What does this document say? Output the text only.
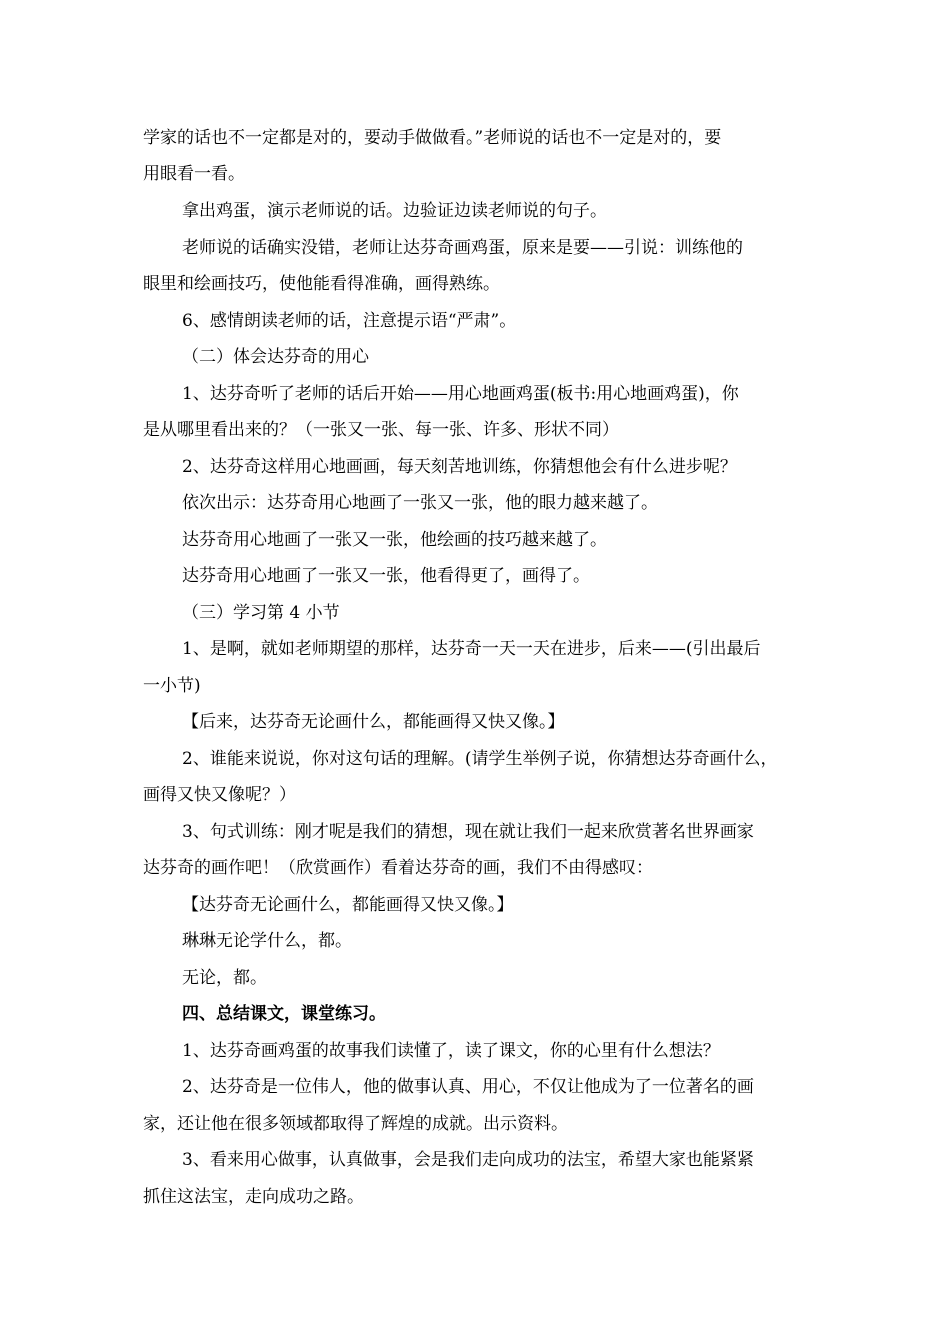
学家的话也不一定都是对的，要动手做做看。”老师说的话也不一定是对的，要
用眼看一看。
拿出鸡蛋，演示老师说的话。边验证边读老师说的句子。
老师说的话确实没错，老师让达芬奇画鸡蛋，原来是要——引说：训练他的
眼里和绘画技巧，使他能看得准确，画得熟练。
6、感情朗读老师的话，注意提示语“严肃”。
（二）体会达芬奇的用心
1、达芬奇听了老师的话后开始——用心地画鸡蛋(板书:用心地画鸡蛋)，你
是从哪里看出来的？（一张又一张、每一张、许多、形状不同）
2、达芬奇这样用心地画画，每天刻苦地训练，你猜想他会有什么进步呢？
依次出示：达芬奇用心地画了一张又一张，他的眼力越来越了。
达芬奇用心地画了一张又一张，他绘画的技巧越来越了。
达芬奇用心地画了一张又一张，他看得更了，画得了。
（三）学习第 4 小节
1、是啊，就如老师期望的那样，达芬奇一天一天在进步，后来——(引出最后
一小节)
【后来，达芬奇无论画什么，都能画得又快又像。】
2、谁能来说说，你对这句话的理解。(请学生举例子说，你猜想达芬奇画什么，
画得又快又像呢？）
3、句式训练：刚才呢是我们的猜想，现在就让我们一起来欣赏著名世界画家
达芬奇的画作吧！（欣赏画作）看着达芬奇的画，我们不由得感叹：
【达芬奇无论画什么，都能画得又快又像。】
琳琳无论学什么，都。
无论，都。
四、总结课文，课堂练习。
1、达芬奇画鸡蛋的故事我们读懂了，读了课文，你的心里有什么想法？
2、达芬奇是一位伟人，他的做事认真、用心，不仅让他成为了一位著名的画
家，还让他在很多领域都取得了辉煌的成就。出示资料。
3、看来用心做事，认真做事，会是我们走向成功的法宝，希望大家也能紧紧
抓住这法宝，走向成功之路。
